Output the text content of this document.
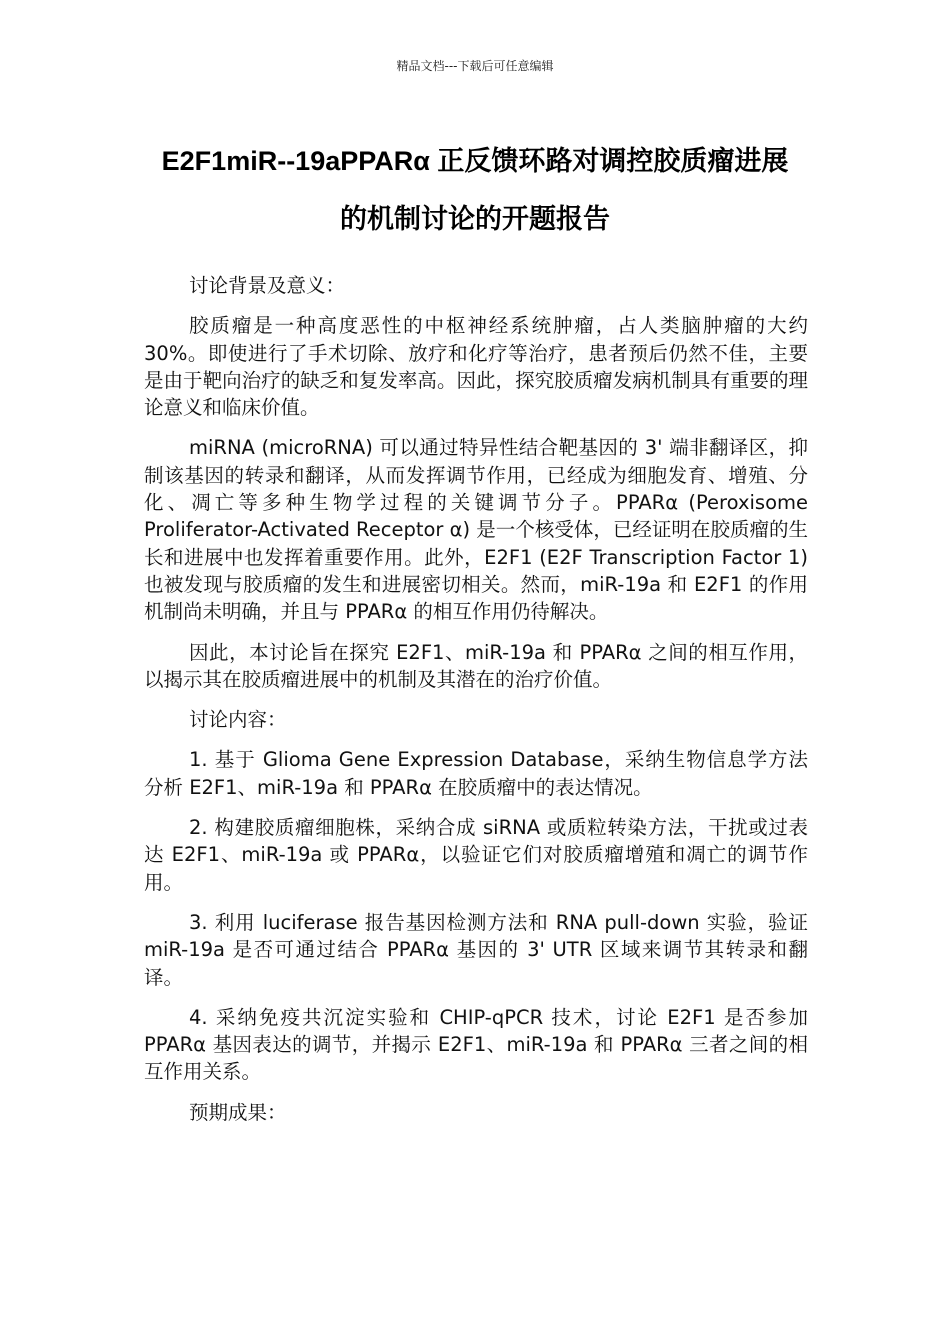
精品文档---下载后可任意编辑
E2F1miR--19aPPARα 正反馈环路对调控胶质瘤进展
的机制讨论的开题报告

讨论背景及意义：

胶质瘤是一种高度恶性的中枢神经系统肿瘤，占人类脑肿瘤的大约 30%。即使进行了手术切除、放疗和化疗等治疗，患者预后仍然不佳，主要是由于靶向治疗的缺乏和复发率高。因此，探究胶质瘤发病机制具有重要的理论意义和临床价值。

miRNA (microRNA) 可以通过特异性结合靶基因的 3' 端非翻译区，抑制该基因的转录和翻译，从而发挥调节作用，已经成为细胞发育、增殖、分化、凋亡等多种生物学过程的关键调节分子。PPARα (Peroxisome Proliferator-Activated Receptor α) 是一个核受体，已经证明在胶质瘤的生长和进展中也发挥着重要作用。此外，E2F1 (E2F Transcription Factor 1) 也被发现与胶质瘤的发生和进展密切相关。然而，miR-19a 和 E2F1 的作用机制尚未明确，并且与 PPARα 的相互作用仍待解决。

因此，本讨论旨在探究 E2F1、miR-19a 和 PPARα 之间的相互作用，以揭示其在胶质瘤进展中的机制及其潜在的治疗价值。

讨论内容：

1. 基于 Glioma Gene Expression Database，采纳生物信息学方法分析 E2F1、miR-19a 和 PPARα 在胶质瘤中的表达情况。

2. 构建胶质瘤细胞株，采纳合成 siRNA 或质粒转染方法，干扰或过表达 E2F1、miR-19a 或 PPARα，以验证它们对胶质瘤增殖和凋亡的调节作用。

3. 利用 luciferase 报告基因检测方法和 RNA pull-down 实验，验证 miR-19a 是否可通过结合 PPARα 基因的 3' UTR 区域来调节其转录和翻译。

4. 采纳免疫共沉淀实验和 CHIP-qPCR 技术，讨论 E2F1 是否参加 PPARα 基因表达的调节，并揭示 E2F1、miR-19a 和 PPARα 三者之间的相互作用关系。

预期成果：
